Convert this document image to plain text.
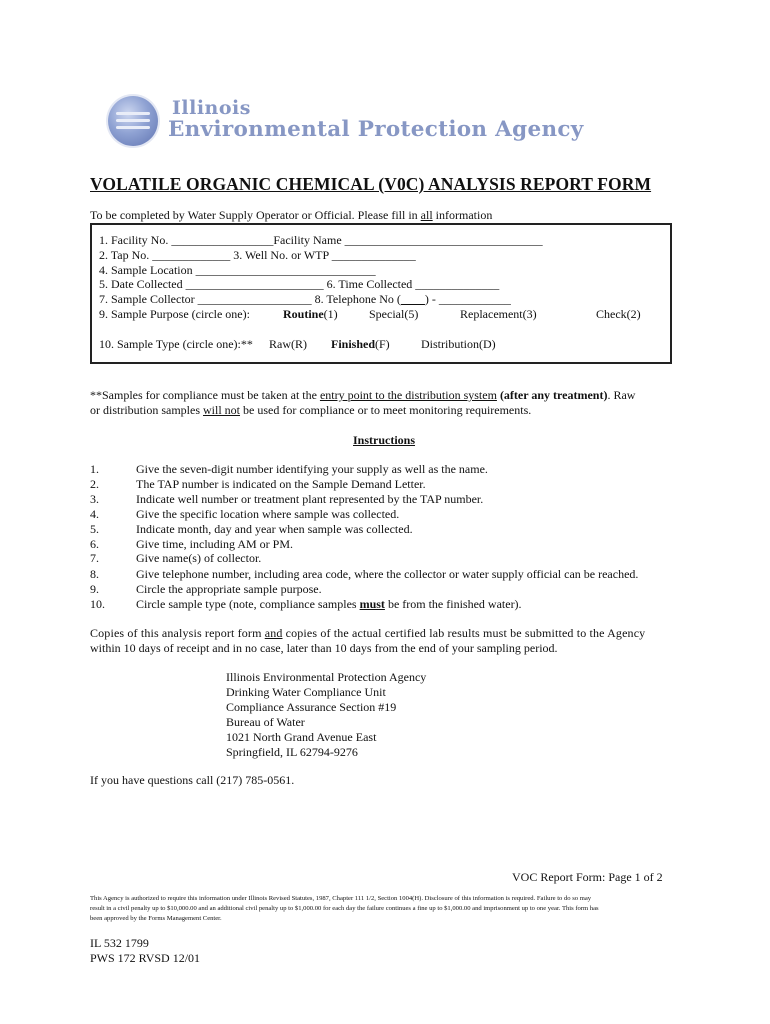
Illinois
Environmental Protection Agency
VOLATILE ORGANIC CHEMICAL (V0C) ANALYSIS REPORT FORM
To be completed by Water Supply Operator or Official. Please fill in all information
1. Facility No. _________________Facility Name _________________________________
2. Tap No. _____________ 3. Well No. or WTP ______________
4. Sample Location ______________________________
5. Date Collected _______________________ 6. Time Collected ______________
7. Sample Collector ___________________ 8. Telephone No (____) - ____________
9. Sample Purpose (circle one):	Routine(1)	Special(5)	Replacement(3)	Check(2)
10. Sample Type (circle one):** Raw(R) Finished(F)	Distribution(D)
**Samples for compliance must be taken at the entry point to the distribution system (after any treatment). Raw
or distribution samples will not be used for compliance or to meet monitoring requirements.
Instructions
1.	Give the seven-digit number identifying your supply as well as the name.
2.	The TAP number is indicated on the Sample Demand Letter.
3.	Indicate well number or treatment plant represented by the TAP number.
4.	Give the specific location where sample was collected.
5.	Indicate month, day and year when sample was collected.
6.	Give time, including AM or PM.
7.	Give name(s) of collector.
8.	Give telephone number, including area code, where the collector or water supply official can be reached.
9.	Circle the appropriate sample purpose.
10.	Circle sample type (note, compliance samples must be from the finished water).
Copies of this analysis report form and copies of the actual certified lab results must be submitted to the Agency
within 10 days of receipt and in no case, later than 10 days from the end of your sampling period.
Illinois Environmental Protection Agency
Drinking Water Compliance Unit
Compliance Assurance Section #19
Bureau of Water
1021 North Grand Avenue East
Springfield, IL 62794-9276
If you have questions call (217) 785-0561.
VOC Report Form: Page 1 of 2
This Agency is authorized to require this information under Illinois Revised Statutes, 1987, Chapter 111 1/2, Section 1004(H). Disclosure of this information is required. Failure to do so may
result in a civil penalty up to $10,000.00 and an additional civil penalty up to $1,000.00 for each day the failure continues a fine up to $1,000.00 and imprisonment up to one year. This form has
been approved by the Forms Management Center.
IL 532 1799
PWS 172 RVSD 12/01
